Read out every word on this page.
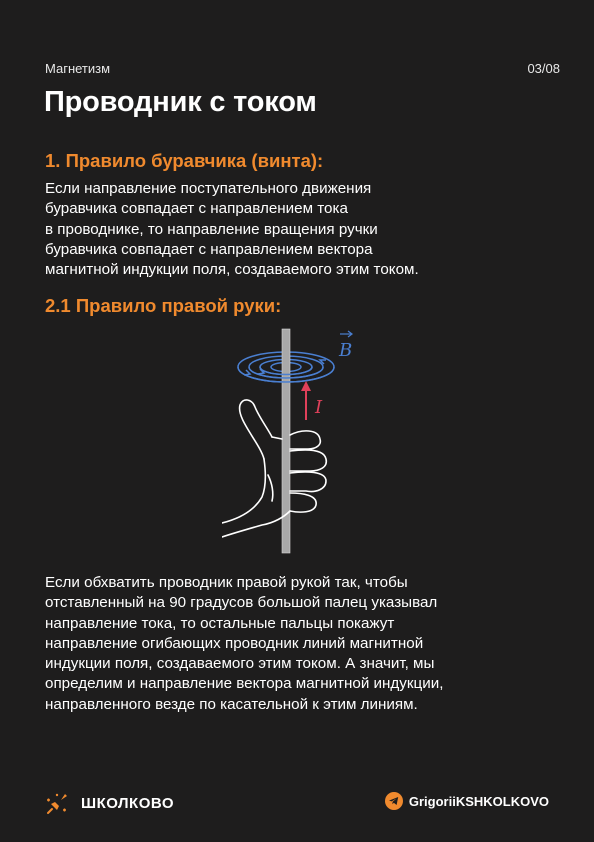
Магнетизм	03/08
Проводник с током
1. Правило буравчика (винта):
Если направление поступательного движения
буравчика совпадает с направлением тока
в проводнике, то направление вращения ручки
буравчика совпадает с направлением вектора
магнитной индукции поля, создаваемого этим током.
2.1 Правило правой руки:
I
B
Если обхватить проводник правой рукой так, чтобы
отставленный на 90 градусов большой палец указывал
направление тока, то остальные пальцы покажут
направление огибающих проводник линий магнитной
индукции поля, создаваемого этим током. А значит, мы
определим и направление вектора магнитной индукции,
направленного везде по касательной к этим линиям.
ШКОЛКОВО	GrigoriiKSHKOLKOVO
